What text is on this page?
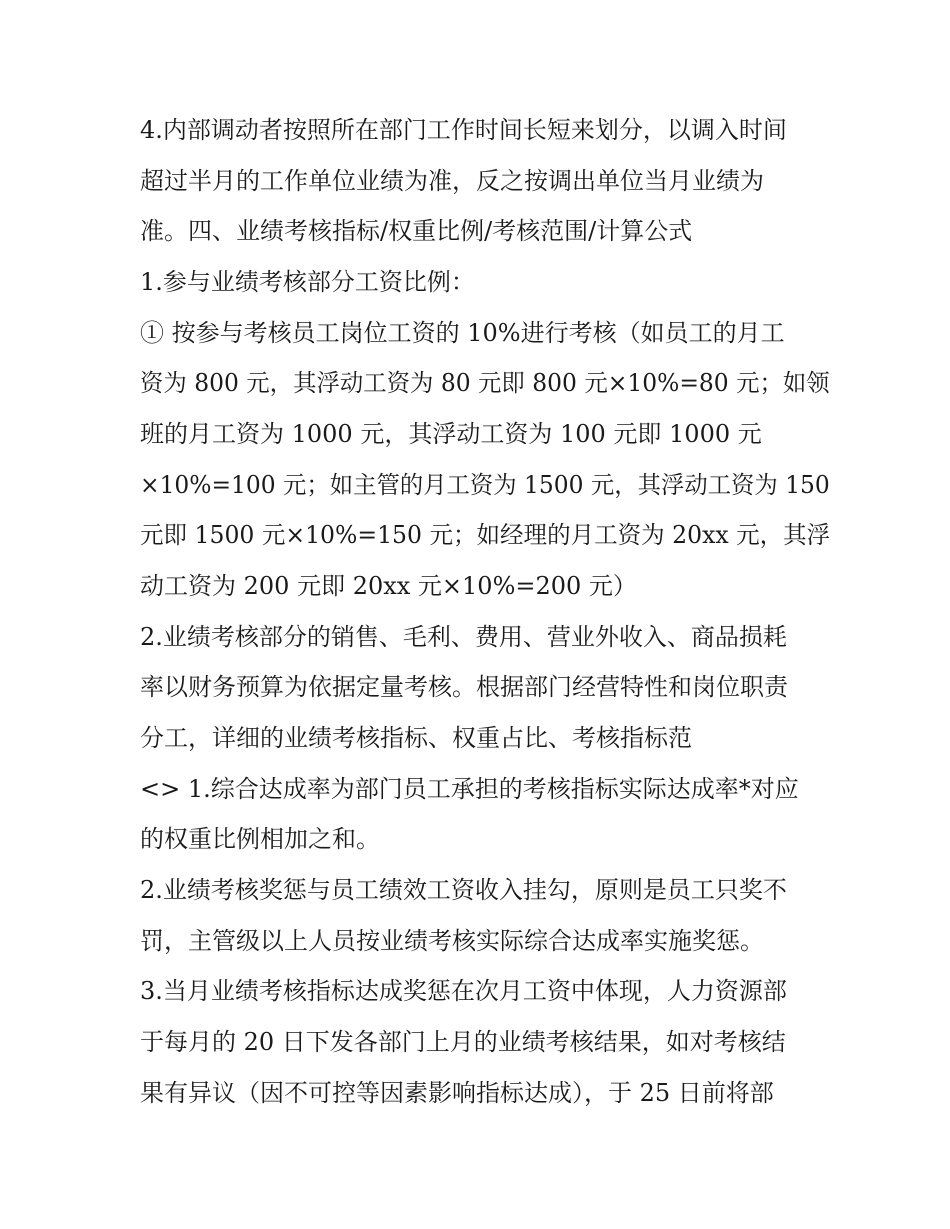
4.内部调动者按照所在部门工作时间长短来划分，以调入时间
超过半月的工作单位业绩为准，反之按调出单位当月业绩为
准。四、业绩考核指标/权重比例/考核范围/计算公式
1.参与业绩考核部分工资比例：
① 按参与考核员工岗位工资的 10%进行考核（如员工的月工
资为 800 元，其浮动工资为 80 元即 800 元×10%=80 元；如领
班的月工资为 1000 元，其浮动工资为 100 元即 1000 元
×10%=100 元；如主管的月工资为 1500 元，其浮动工资为 150
元即 1500 元×10%=150 元；如经理的月工资为 20xx 元，其浮
动工资为 200 元即 20xx 元×10%=200 元）
2.业绩考核部分的销售、毛利、费用、营业外收入、商品损耗
率以财务预算为依据定量考核。根据部门经营特性和岗位职责
分工，详细的业绩考核指标、权重占比、考核指标范
<> 1.综合达成率为部门员工承担的考核指标实际达成率*对应
的权重比例相加之和。
2.业绩考核奖惩与员工绩效工资收入挂勾，原则是员工只奖不
罚，主管级以上人员按业绩考核实际综合达成率实施奖惩。
3.当月业绩考核指标达成奖惩在次月工资中体现，人力资源部
于每月的 20 日下发各部门上月的业绩考核结果，如对考核结
果有异议（因不可控等因素影响指标达成），于 25 日前将部
